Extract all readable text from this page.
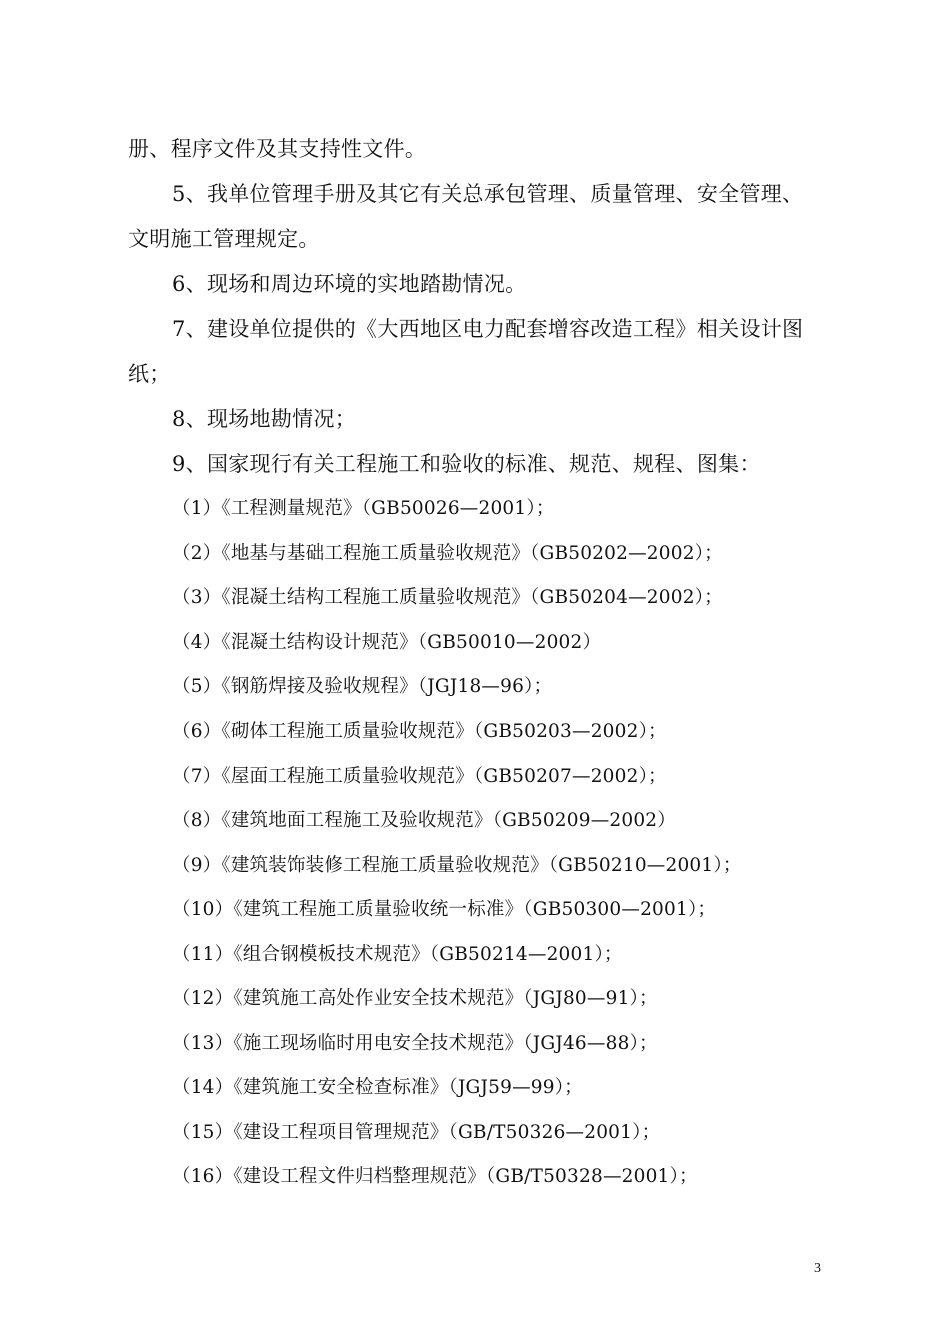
册、程序文件及其支持性文件。
5、我单位管理手册及其它有关总承包管理、质量管理、安全管理、
文明施工管理规定。
6、现场和周边环境的实地踏勘情况。
7、建设单位提供的《大西地区电力配套增容改造工程》相关设计图
纸；
8、现场地勘情况；
9、国家现行有关工程施工和验收的标准、规范、规程、图集：
（1）《工程测量规范》（GB50026—2001）；
（2）《地基与基础工程施工质量验收规范》（GB50202—2002）；
（3）《混凝土结构工程施工质量验收规范》（GB50204—2002）；
（4）《混凝土结构设计规范》（GB50010—2002）
（5）《钢筋焊接及验收规程》（JGJ18—96）；
（6）《砌体工程施工质量验收规范》（GB50203—2002）；
（7）《屋面工程施工质量验收规范》（GB50207—2002）；
（8）《建筑地面工程施工及验收规范》（GB50209—2002）
（9）《建筑装饰装修工程施工质量验收规范》（GB50210—2001）；
（10）《建筑工程施工质量验收统一标准》（GB50300—2001）；
（11）《组合钢模板技术规范》（GB50214—2001）；
（12）《建筑施工高处作业安全技术规范》（JGJ80—91）；
（13）《施工现场临时用电安全技术规范》（JGJ46—88）；
（14）《建筑施工安全检查标准》（JGJ59—99）；
（15）《建设工程项目管理规范》（GB/T50326—2001）；
（16）《建设工程文件归档整理规范》（GB/T50328—2001）；
3
